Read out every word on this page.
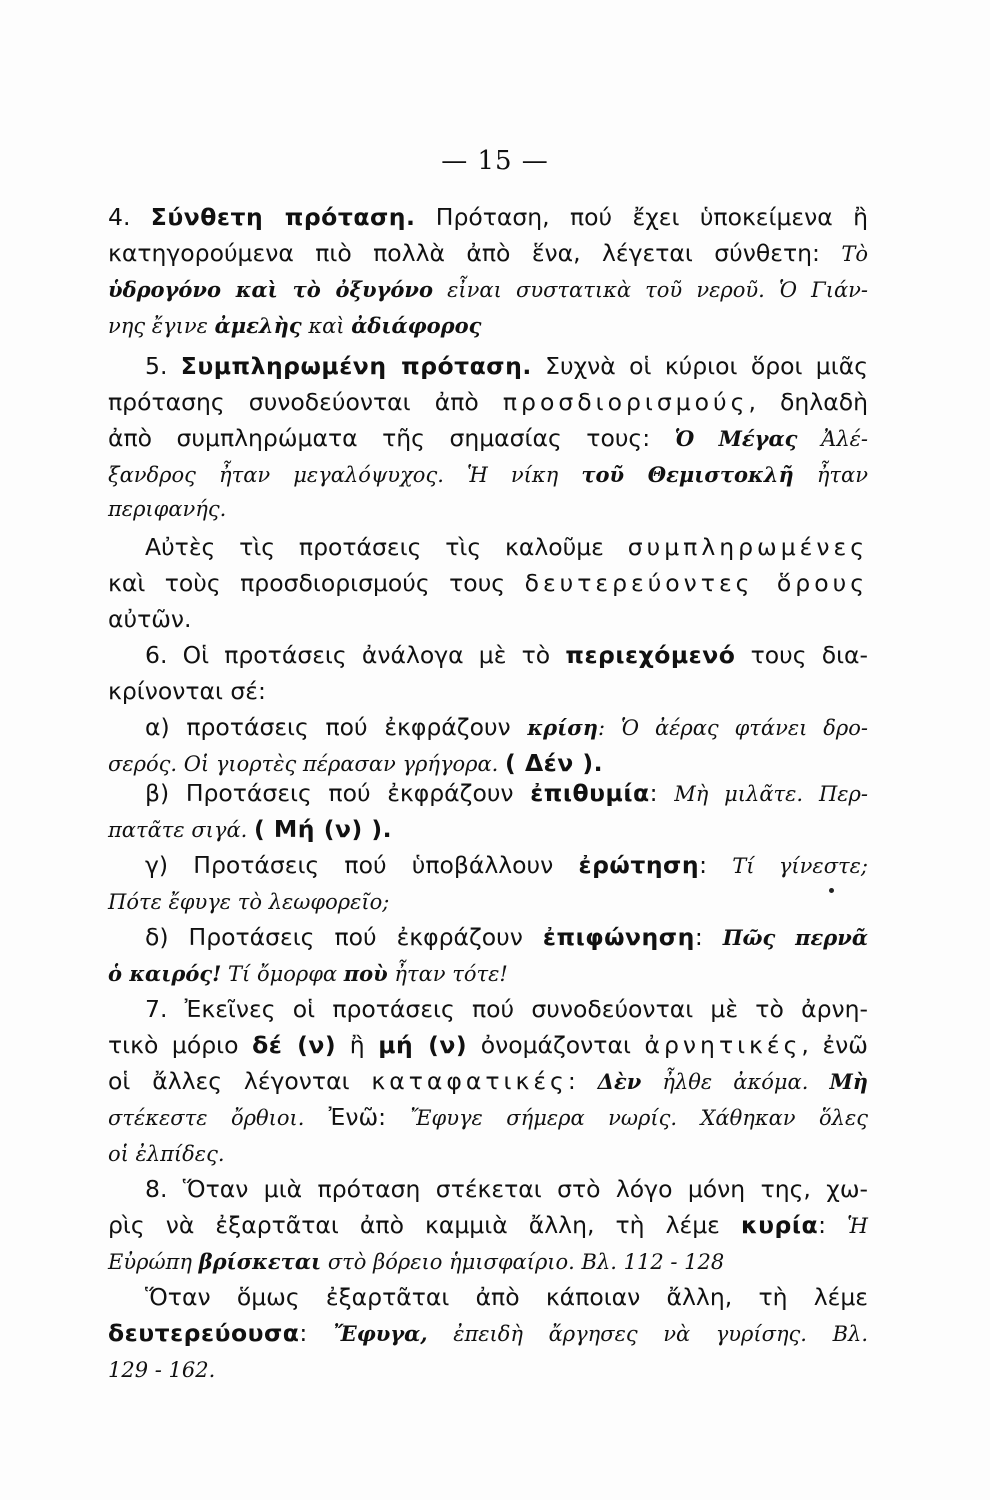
— 15 —
4. Σύνθετη πρόταση. Πρόταση, πού ἔχει ὑποκείμενα ἢ
κατηγορούμενα πιὸ πολλὰ ἀπὸ ἕνα, λέγεται σύνθετη: Τὸ
ὑδρογόνο καὶ τὸ ὀξυγόνο εἶναι συστατικὰ τοῦ νεροῦ. Ὁ Γιάν-
νης ἔγινε ἀμελὴς καὶ ἀδιάφορος
5. Συμπληρωμένη πρόταση. Συχνὰ οἱ κύριοι ὅροι μιᾶς
πρότασης συνοδεύονται ἀπὸ προσδιορισμούς, δηλαδὴ
ἀπὸ συμπληρώματα τῆς σημασίας τους: Ὁ Μέγας Ἀλέ-
ξανδρος ἦταν μεγαλόψυχος. Ἡ νίκη τοῦ Θεμιστοκλῆ ἦταν
περιφανής.
Αὐτὲς τὶς προτάσεις τὶς καλοῦμε συμπληρωμένες
καὶ τοὺς προσδιορισμούς τους δευτερεύοντες ὅρους
αὐτῶν.
6. Οἱ προτάσεις ἀνάλογα μὲ τὸ περιεχόμενό τους δια-
κρίνονται σέ:
α) προτάσεις πού ἐκφράζουν κρίση: Ὁ ἀέρας φτάνει δρο-
σερός. Οἱ γιορτὲς πέρασαν γρήγορα. ( Δέν ).
β) Προτάσεις πού ἐκφράζουν ἐπιθυμία: Μὴ μιλᾶτε. Περ-
πατᾶτε σιγά. ( Μή (ν) ).
γ) Προτάσεις πού ὑποβάλλουν ἐρώτηση: Τί γίνεστε;
Πότε ἔφυγε τὸ λεωφορεῖο;
δ) Προτάσεις πού ἐκφράζουν ἐπιφώνηση: Πῶς περνᾶ
ὁ καιρός! Τί ὄμορφα ποὺ ἦταν τότε!
7. Ἐκεῖνες οἱ προτάσεις πού συνοδεύονται μὲ τὸ ἀρνη-
τικὸ μόριο δέ (ν) ἢ μή (ν) ὀνομάζονται ἀρνητικές, ἐνῶ
οἱ ἄλλες λέγονται καταφατικές: Δὲν ἦλθε ἀκόμα. Μὴ
στέκεστε ὄρθιοι. Ἐνῶ: Ἔφυγε σήμερα νωρίς. Χάθηκαν ὅλες
οἱ ἐλπίδες.
8. Ὅταν μιὰ πρόταση στέκεται στὸ λόγο μόνη της, χω-
ρὶς νὰ ἐξαρτᾶται ἀπὸ καμμιὰ ἄλλη, τὴ λέμε κυρία: Ἡ
Εὐρώπη βρίσκεται στὸ βόρειο ἡμισφαίριο. Βλ. 112 - 128
Ὅταν ὅμως ἐξαρτᾶται ἀπὸ κάποιαν ἄλλη, τὴ λέμε
δευτερεύουσα: Ἔφυγα, ἐπειδὴ ἄργησες νὰ γυρίσης. Βλ.
129 - 162.
